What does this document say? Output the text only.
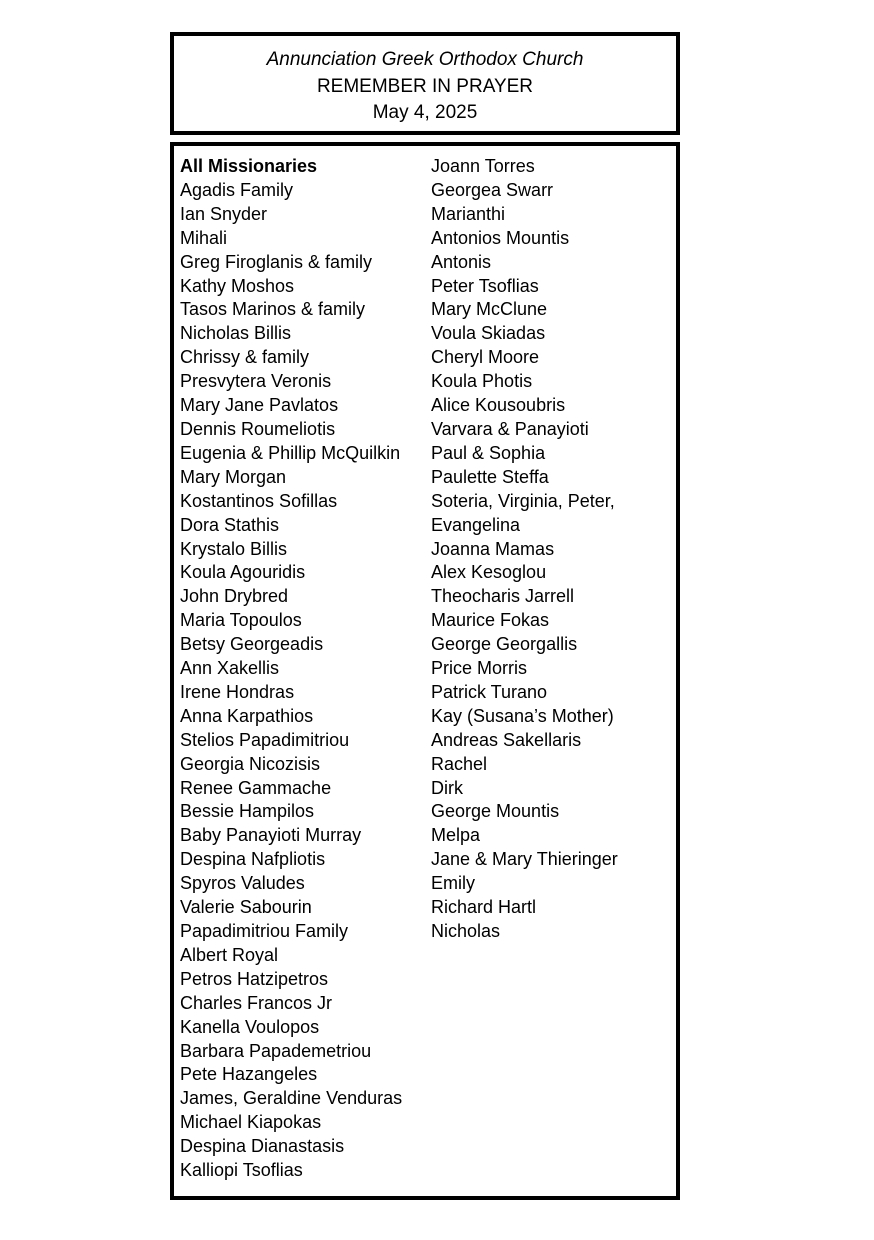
Annunciation Greek Orthodox Church
REMEMBER IN PRAYER
May 4, 2025
All Missionaries
Agadis Family
Ian Snyder
Mihali
Greg Firoglanis & family
Kathy Moshos
Tasos Marinos & family
Nicholas Billis
Chrissy & family
Presvytera Veronis
Mary Jane Pavlatos
Dennis Roumeliotis
Eugenia & Phillip McQuilkin
Mary Morgan
Kostantinos Sofillas
Dora Stathis
Krystalo Billis
Koula Agouridis
John Drybred
Maria Topoulos
Betsy Georgeadis
Ann Xakellis
Irene Hondras
Anna Karpathios
Stelios Papadimitriou
Georgia Nicozisis
Renee Gammache
Bessie Hampilos
Baby Panayioti Murray
Despina Nafpliotis
Spyros Valudes
Valerie Sabourin
Papadimitriou Family
Albert Royal
Petros Hatzipetros
Charles Francos Jr
Kanella Voulopos
Barbara Papademetriou
Pete Hazangeles
James, Geraldine Venduras
Michael Kiapokas
Despina Dianastasis
Kalliopi Tsoflias
Joann Torres
Georgea Swarr
Marianthi
Antonios Mountis
Antonis
Peter Tsoflias
Mary McClune
Voula Skiadas
Cheryl Moore
Koula Photis
Alice Kousoubris
Varvara & Panayioti
Paul & Sophia
Paulette Steffa
Soteria, Virginia, Peter,
Evangelina
Joanna Mamas
Alex Kesoglou
Theocharis Jarrell
Maurice Fokas
George Georgallis
Price Morris
Patrick Turano
Kay (Susana’s Mother)
Andreas Sakellaris
Rachel
Dirk
George Mountis
Melpa
Jane & Mary Thieringer
Emily
Richard Hartl
Nicholas
